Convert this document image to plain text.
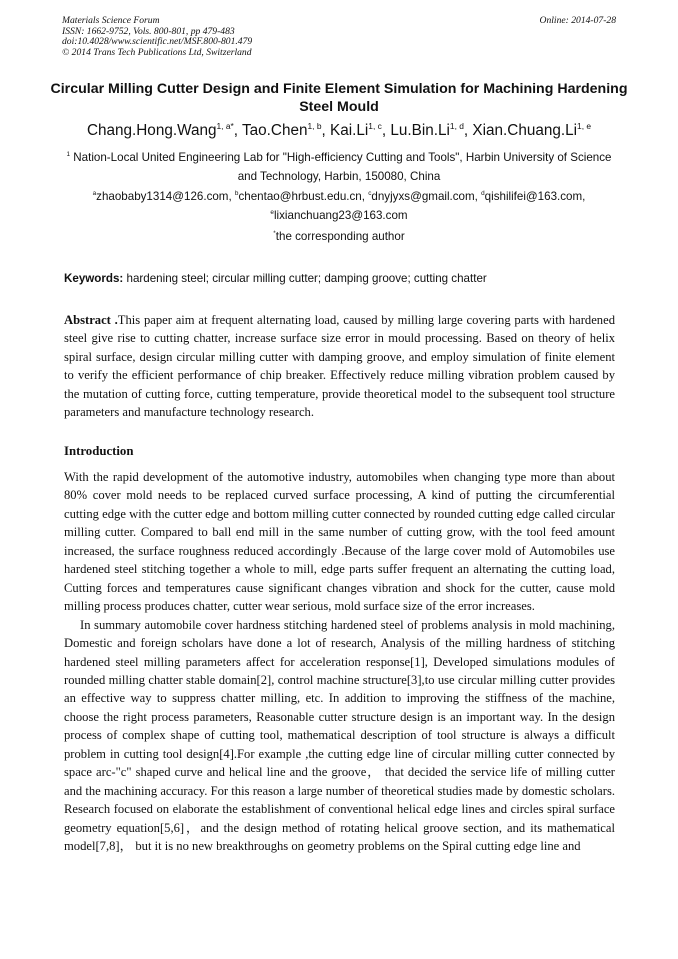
Materials Science Forum
ISSN: 1662-9752, Vols. 800-801, pp 479-483
doi:10.4028/www.scientific.net/MSF.800-801.479
© 2014 Trans Tech Publications Ltd, Switzerland
Online: 2014-07-28
Circular Milling Cutter Design and Finite Element Simulation for Machining Hardening Steel Mould
Chang.Hong.Wang$^{1, a*}$, Tao.Chen$^{1, b}$, Kai.Li$^{1, c}$, Lu.Bin.Li$^{1, d}$, Xian.Chuang.Li$^{1, e}$
$^1$ Nation-Local United Engineering Lab for "High-efficiency Cutting and Tools", Harbin University of Science and Technology, Harbin, 150080, China
$^a$zhaobaby1314@126.com, $^b$chentao@hrbust.edu.cn, $^c$dnyjyxs@gmail.com, $^d$qishilifei@163.com,
$^e$lixianchuang23@163.com
*the corresponding author
Keywords: hardening steel; circular milling cutter; damping groove; cutting chatter
Abstract .This paper aim at frequent alternating load, caused by milling large covering parts with hardened steel give rise to cutting chatter, increase surface size error in mould processing. Based on theory of helix spiral surface, design circular milling cutter with damping groove, and employ simulation of finite element to verify the efficient performance of chip breaker. Effectively reduce milling vibration problem caused by the mutation of cutting force, cutting temperature, provide theoretical model to the subsequent tool structure parameters and manufacture technology research.
Introduction

With the rapid development of the automotive industry, automobiles when changing type more than about 80% cover mold needs to be replaced curved surface processing, A kind of putting the circumferential cutting edge with the cutter edge and bottom milling cutter connected by rounded cutting edge called circular milling cutter. Compared to ball end mill in the same number of cutting grow, with the tool feed amount increased, the surface roughness reduced accordingly .Because of the large cover mold of Automobiles use hardened steel stitching together a whole to mill, edge parts suffer frequent an alternating the cutting load, Cutting forces and temperatures cause significant changes vibration and shock for the cutter, cause mold milling process produces chatter, cutter wear serious, mold surface size of the error increases.

In summary automobile cover hardness stitching hardened steel of problems analysis in mold machining, Domestic and foreign scholars have done a lot of research, Analysis of the milling hardness of stitching hardened steel milling parameters affect for acceleration response[1], Developed simulations modules of rounded milling chatter stable domain[2], control machine structure[3],to use circular milling cutter provides an effective way to suppress chatter milling, etc. In addition to improving the stiffness of the machine, choose the right process parameters, Reasonable cutter structure design is an important way. In the design process of complex shape of cutting tool, mathematical description of tool structure is always a difficult problem in cutting tool design[4].For example ,the cutting edge line of circular milling cutter connected by space arc-"c" shaped curve and helical line and the groove， that decided the service life of milling cutter and the machining accuracy. For this reason a large number of theoretical studies made by domestic scholars. Research focused on elaborate the establishment of conventional helical edge lines and circles spiral surface geometry equation[5,6]，and the design method of rotating helical groove section, and its mathematical model[7,8]， but it is no new breakthroughs on geometry problems on the Spiral cutting edge line and
